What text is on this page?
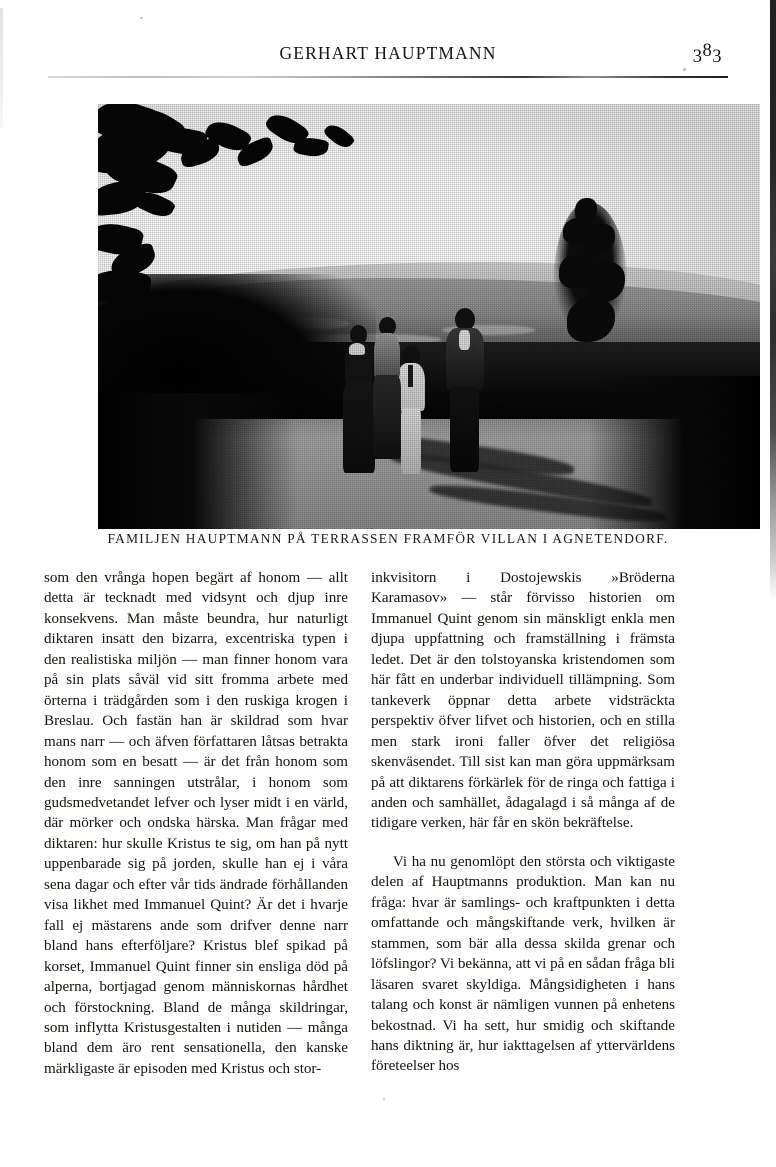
GERHART HAUPTMANN	383
FAMILJEN HAUPTMANN PÅ TERRASSEN FRAMFÖR VILLAN I AGNETENDORF.

som den vrånga hopen begärt af honom — allt detta är tecknadt med vidsynt och djup inre konsekvens. Man måste beundra, hur naturligt diktaren insatt den bizarra, excentriska typen i den realistiska miljön — man finner honom vara på sin plats såväl vid sitt fromma arbete med örterna i trädgården som i den ruskiga krogen i Breslau. Och fastän han är skildrad som hvar mans narr — och äfven författaren låtsas betrakta honom som en besatt — är det från honom som den inre sanningen utstrålar, i honom som gudsmedvetandet lefver och lyser midt i en värld, där mörker och ondska härska. Man frågar med diktaren: hur skulle Kristus te sig, om han på nytt uppenbarade sig på jorden, skulle han ej i våra sena dagar och efter vår tids ändrade förhållanden visa likhet med Immanuel Quint? Är det i hvarje fall ej mästarens ande som drifver denne narr bland hans efterföljare? Kristus blef spikad på korset, Immanuel Quint finner sin ensliga död på alperna, bortjagad genom människornas hårdhet och förstockning. Bland de många skildringar, som inflytta Kristusgestalten i nutiden — många bland dem äro rent sensationella, den kanske märkligaste är episoden med Kristus och stor-

inkvisitorn i Dostojewskis »Bröderna Karamasov» — står förvisso historien om Immanuel Quint genom sin mänskligt enkla men djupa uppfattning och framställning i främsta ledet. Det är den tolstoyanska kristendomen som här fått en underbar individuell tillämpning. Som tankeverk öppnar detta arbete vidsträckta perspektiv öfver lifvet och historien, och en stilla men stark ironi faller öfver det religiösa skenväsendet. Till sist kan man göra uppmärksam på att diktarens förkärlek för de ringa och fattiga i anden och samhället, ådagalagd i så många af de tidigare verken, här får en skön bekräftelse.

Vi ha nu genomlöpt den största och viktigaste delen af Hauptmanns produktion. Man kan nu fråga: hvar är samlings- och kraftpunkten i detta omfattande och mångskiftande verk, hvilken är stammen, som bär alla dessa skilda grenar och löfslingor? Vi bekänna, att vi på en sådan fråga bli läsaren svaret skyldiga. Mångsidigheten i hans talang och konst är nämligen vunnen på enhetens bekostnad. Vi ha sett, hur smidig och skiftande hans diktning är, hur iakttagelsen af yttervärldens företeelser hos
